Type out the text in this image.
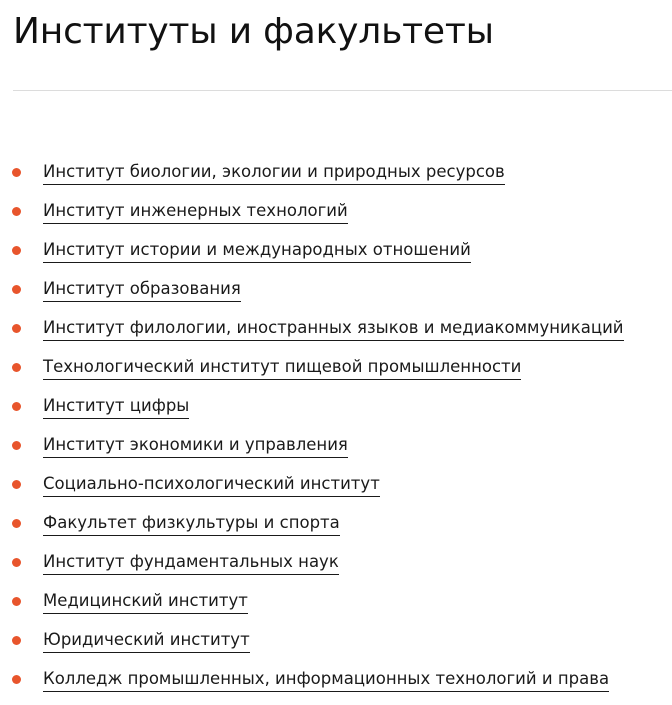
Институты и факультеты
Институт биологии, экологии и природных ресурсов
Институт инженерных технологий
Институт истории и международных отношений
Институт образования
Институт филологии, иностранных языков и медиакоммуникаций
Технологический институт пищевой промышленности
Институт цифры
Институт экономики и управления
Социально-психологический институт
Факультет физкультуры и спорта
Институт фундаментальных наук
Медицинский институт
Юридический институт
Колледж промышленных, информационных технологий и права
